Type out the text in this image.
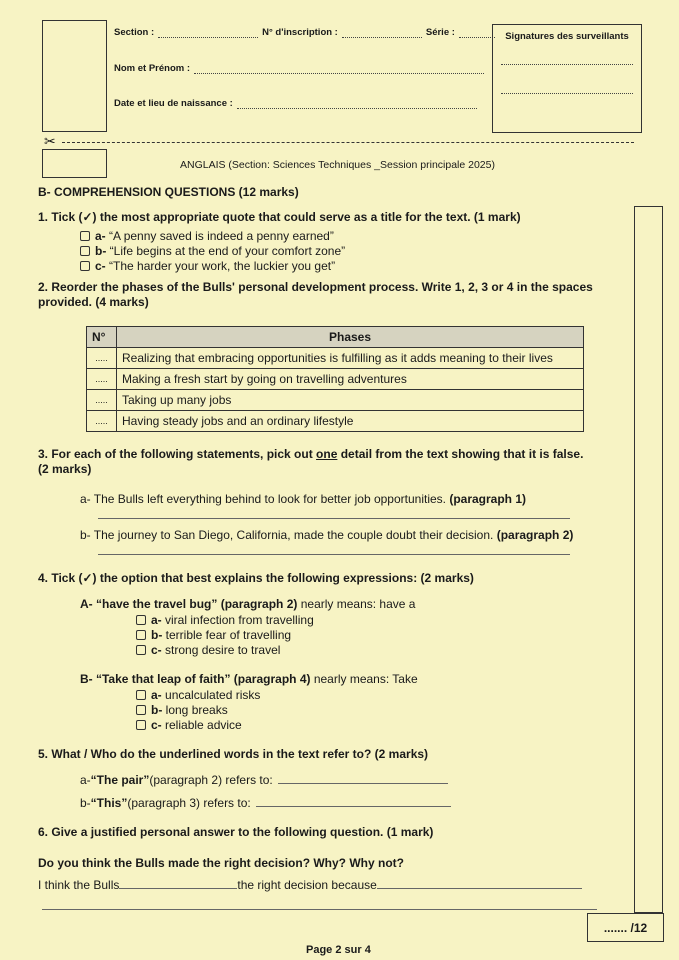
Section :	N° d'inscription :	Série :
Nom et Prénom :
Date et lieu de naissance :
Signatures des surveillants
✂
ANGLAIS (Section: Sciences Techniques _Session principale 2025)
B- COMPREHENSION QUESTIONS (12 marks)
....... /12
1. Tick (✓) the most appropriate quote that could serve as a title for the text. (1 mark)
a-
“A penny saved is indeed a penny earned”
b-
“Life begins at the end of your comfort zone”
c-
“The harder your work, the luckier you get”
2. Reorder the phases of the Bulls' personal development process. Write 1, 2, 3 or 4 in the spaces provided. (4 marks)
N°	Phases
.....	Realizing that embracing opportunities is fulfilling as it adds meaning to their lives
.....	Making a fresh start by going on travelling adventures
.....	Taking up many jobs
.....	Having steady jobs and an ordinary lifestyle
3. For each of the following statements, pick out one detail from the text showing that it is false.
(2 marks)
a- The Bulls left everything behind to look for better job opportunities. (paragraph 1)
b- The journey to San Diego, California, made the couple doubt their decision. (paragraph 2)
4. Tick (✓) the option that best explains the following expressions: (2 marks)
A- “have the travel bug” (paragraph 2) nearly means: have a
a-
viral infection from travelling
b-
terrible fear of travelling
c-
strong desire to travel
B- “Take that leap of faith” (paragraph 4) nearly means: Take
a-
uncalculated risks
b-
long breaks
c-
reliable advice
5. What / Who do the underlined words in the text refer to? (2 marks)
a- “The pair” (paragraph 2) refers to:
b- “This” (paragraph 3) refers to:
6. Give a justified personal answer to the following question. (1 mark)
Do you think the Bulls made the right decision? Why? Why not?
I think the Bulls	the right decision because
Page 2 sur 4
